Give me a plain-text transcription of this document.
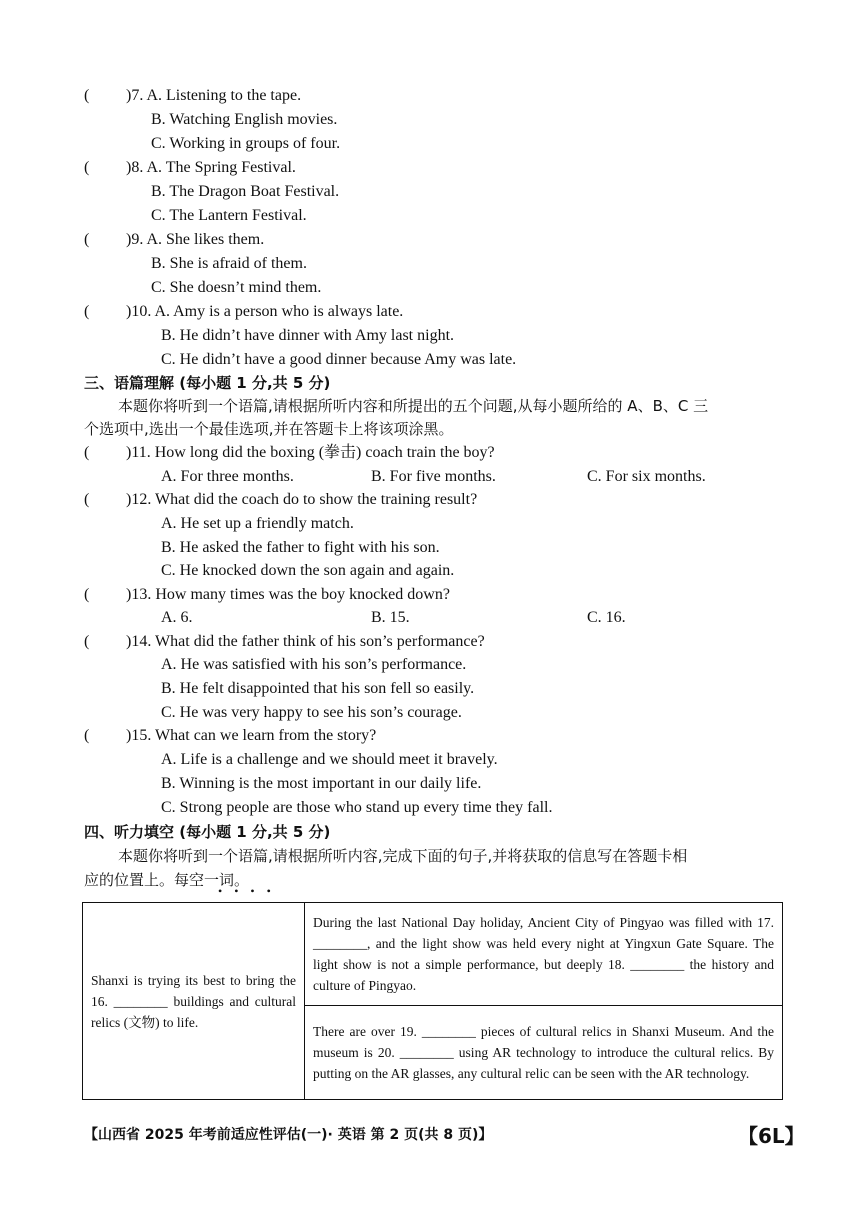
( )7. A. Listening to the tape.
B. Watching English movies.
C. Working in groups of four.
( )8. A. The Spring Festival.
B. The Dragon Boat Festival.
C. The Lantern Festival.
( )9. A. She likes them.
B. She is afraid of them.
C. She doesn’t mind them.
( )10. A. Amy is a person who is always late.
B. He didn’t have dinner with Amy last night.
C. He didn’t have a good dinner because Amy was late.
三、语篇理解 (每小题 1 分,共 5 分)
本题你将听到一个语篇,请根据所听内容和所提出的五个问题,从每小题所给的 A、B、C 三
个选项中,选出一个最佳选项,并在答题卡上将该项涂黑。
( )11. How long did the boxing (拳击) coach train the boy?
A. For three months.	B. For five months.	C. For six months.
( )12. What did the coach do to show the training result?
A. He set up a friendly match.
B. He asked the father to fight with his son.
C. He knocked down the son again and again.
( )13. How many times was the boy knocked down?
A. 6.	B. 15.	C. 16.
( )14. What did the father think of his son’s performance?
A. He was satisfied with his son’s performance.
B. He felt disappointed that his son fell so easily.
C. He was very happy to see his son’s courage.
( )15. What can we learn from the story?
A. Life is a challenge and we should meet it bravely.
B. Winning is the most important in our daily life.
C. Strong people are those who stand up every time they fall.
四、听力填空 (每小题 1 分,共 5 分)
本题你将听到一个语篇,请根据所听内容,完成下面的句子,并将获取的信息写在答题卡相
应的位置上。每空一词。
••••
Shanxi is trying its best to bring the 16. ________ buildings and cultural relics (文物) to life.	During the last National Day holiday, Ancient City of Pingyao was filled with 17. ________, and the light show was held every night at Yingxun Gate Square. The light show is not a simple performance, but deeply 18. ________ the history and culture of Pingyao.
There are over 19. ________ pieces of cultural relics in Shanxi Museum. And the museum is 20. ________ using AR technology to introduce the cultural relics. By putting on the AR glasses, any cultural relic can be seen with the AR technology.
【山西省 2025 年考前适应性评估(一)· 英语 第 2 页(共 8 页)】	【6L】
